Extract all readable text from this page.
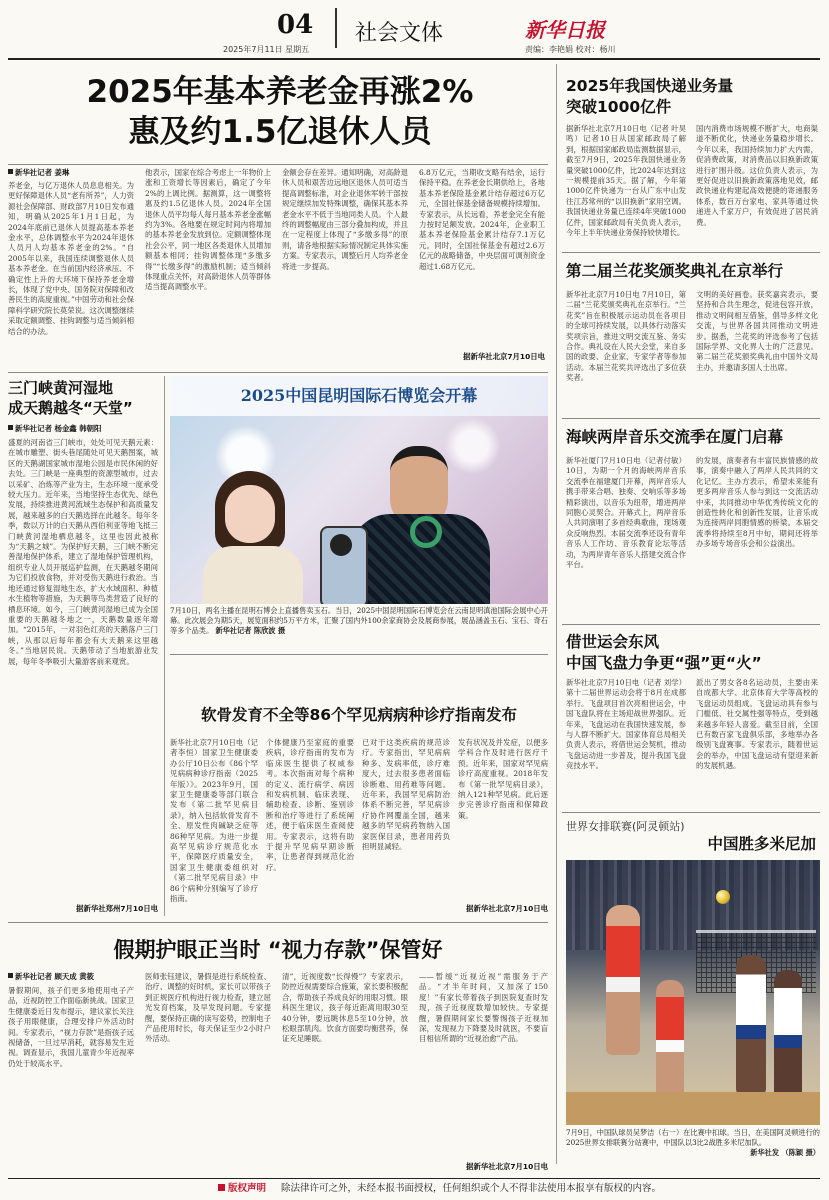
04 社会文体	新华日报
2025年7月11日 星期五	责编：李艳娟 校对：杨川
2025年基本养老金再涨2%
惠及约1.5亿退休人员
新华社记者 姜琳
养老金，与亿万退休人员息息相关。为更好保障退休人员“老有所养”，人力资源社会保障部、财政部7月10日发布通知，明确从2025年1月1日起，为2024年底前已退休人员提高基本养老金水平，总体调整水平为2024年退休人员月人均基本养老金的2%。“自2005年以来，我国连续调整退休人员基本养老金。在当前国内经济承压、不确定性上升的大环境下保持养老金增长，体现了党中央、国务院对保障和改善民生的高度重视。”中国劳动和社会保障科学研究院长莫荣说。这次调整继续采取定额调整、挂钩调整与适当倾斜相结合的办法。
他表示，国家在综合考虑上一年物价上涨和工资增长等因素后，确定了今年2%的上调比例。据测算，这一调整将惠及约1.5亿退休人员。2024年全国退休人员平均每人每月基本养老金涨幅约为3%。各地要在规定时间内将增加的基本养老金发放到位。定额调整体现社会公平，同一地区各类退休人员增加额基本相同；挂钩调整体现“多缴多得”“长缴多得”的激励机制；适当倾斜体现重点关怀，对高龄退休人员等群体适当提高调整水平。
金额会存在差异。通知明确，对高龄退休人员和艰苦边远地区退休人员可适当提高调整标准，对企业退休军转干部按规定继续加发特殊调整，确保其基本养老金水平不低于当地同类人员。个人最终的调整幅度由三部分叠加构成，并且在一定程度上体现了“多缴多得”的原则，请各地根据实际情况制定具体实施方案。专家表示，调整后月人均养老金将进一步提高。
6.8万亿元，当期收支略有结余，运行保持平稳。在养老金长期供给上，各地基本养老保险基金累计结存超过6万亿元，全国社保基金储备规模持续增加。专家表示，从长远看，养老金完全有能力按时足额发放。2024年，企业职工基本养老保险基金累计结存7.1万亿元。同时，全国社保基金有超过2.6万亿元的战略储备，中央层面可调剂资金超过1.68万亿元。
据新华社北京7月10日电
2025年我国快递业务量
突破1000亿件
据新华社北京7月10日电（记者 叶昊鸣）记者10日从国家邮政局了解到，根据国家邮政局监测数据显示，截至7月9日，2025年我国快递业务量突破1000亿件，比2024年达到这一规模提前35天。据了解，今年第1000亿件快递为一台从广东中山发往江苏常州的“以旧换新”家用空调。我国快递业务量已连续4年突破1000亿件，国家邮政局有关负责人表示，今年上半年快递业务保持较快增长。
国内消费市场规模不断扩大，电商渠道不断优化，快递业务量稳步增长。今年以来，我国持续加力扩大内需，促消费政策，对消费品以旧换新政策进行扩围升级。这位负责人表示，为更好促进以旧换新政策落地见效，邮政快递业构建起高效便捷的寄递服务体系，数百万台家电、家具等通过快递进入千家万户，有效促进了居民消费。
第二届兰花奖颁奖典礼在京举行
新华社北京7月10日电 7月10日，第二届“兰花奖颁奖典礼在京举行。“兰花奖”旨在积极展示运动员在各项目的全球可持续发展，以具体行动落实奖项宗旨，推进文明交流互鉴、务实合作。典礼设在人民大会堂，来自多国的政要、企业家、专家学者等参加活动。本届兰花奖共评选出了多位获奖者。
文明的美好画卷。获奖嘉宾表示，要坚持和合共生理念，促进包容开放，推动文明间相互借鉴，倡导多样文化交流，与世界各国共同推动文明进步。据悉，兰花奖的评选参考了包括国际学界、文化界人士的广泛意见。第二届兰花奖颁奖典礼由中国外文局主办，并邀请多国人士出席。
海峡两岸音乐交流季在厦门启幕
新华社厦门7月10日电（记者付敏）10日，为期一个月的海峡两岸音乐交流季在福建厦门开幕，两岸音乐人携手带来合唱、独奏、交响乐等多场精彩演出，以音乐为纽带，增进两岸同胞心灵契合。开幕式上，两岸音乐人共同演唱了多首经典歌曲，现场观众反响热烈。本届交流季还设有青年音乐人工作坊、音乐教育论坛等活动，为两岸青年音乐人搭建交流合作平台。
的发展，演奏者有丰富民族情感的故事，演奏中融入了两岸人民共同的文化记忆。主办方表示，希望未来能有更多两岸音乐人参与到这一交流活动中来，共同推动中华优秀传统文化的创造性转化和创新性发展，让音乐成为连接两岸同胞情感的桥梁。本届交流季将持续至8月中旬，期间还将举办多场专场音乐会和公益演出。
借世运会东风
中国飞盘力争更“强”更“火”
新华社北京7月10日电（记者 刘学）第十二届世界运动会将于8月在成都举行。飞盘项目首次亮相世运会，中国飞盘队将在主场迎战世界强队。近年来，飞盘运动在我国快速发展，参与人群不断扩大。国家体育总局相关负责人表示，将借世运会契机，推动飞盘运动进一步普及，提升我国飞盘竞技水平。
派出了男女各8名运动员，主要由来自成都大学、北京体育大学等高校的飞盘运动员组成。飞盘运动具有参与门槛低、社交属性强等特点，受到越来越多年轻人喜爱。截至目前，全国已有数百家飞盘俱乐部，多地举办各级别飞盘赛事。专家表示，随着世运会的举办，中国飞盘运动有望迎来新的发展机遇。
世界女排联赛(阿灵顿站)
中国胜多米尼加
7月9日，中国队球员吴梦洁（右一）在比赛中扣球。当日，在美国阿灵顿进行的2025世界女排联赛分站赛中，中国队以3比2战胜多米尼加队。
新华社发 （陈颖 摄）
三门峡黄河湿地
成天鹅越冬“天堂”
新华社记者 杨金鑫 韩朝阳
盛夏的河南省三门峡市，处处可见天鹅元素：在城市雕塑、街头巷尾随处可见天鹅图案，城区的天鹅湖国家城市湿地公园是市民休闲的好去处。三门峡是一座典型的资源型城市，过去以采矿、冶炼等产业为主，生态环境一度承受较大压力。近年来，当地坚持生态优先、绿色发展，持续推进黄河流域生态保护和高质量发展，越来越多的白天鹅选择在此越冬。每年冬季，数以万计的白天鹅从西伯利亚等地飞抵三门峡黄河湿地栖息越冬，这里也因此被称为“天鹅之城”。为保护好天鹅，三门峡不断完善湿地保护体系，建立了湿地保护管理机构，组织专业人员开展巡护监测，在天鹅越冬期间为它们投放食物，并对受伤天鹅进行救治。当地还通过修复湿地生态，扩大水域面积、种植水生植物等措施，为天鹅等鸟类营造了良好的栖息环境。如今，三门峡黄河湿地已成为全国重要的天鹅越冬地之一，天鹅数量逐年增加。“2015年，一对羽色红亮的天鹅落户三门峡，从那以后每年都会有大天鹅来这里越冬。”当地居民说。天鹅带动了当地旅游业发展，每年冬季吸引大量游客前来观赏。
据新华社郑州7月10日电
2025中国昆明国际石博览会开幕
7月10日，两名主播在昆明石博会上直播售卖玉石。当日，2025中国昆明国际石博览会在云南昆明滇池国际会展中心开幕。此次展会为期5天，展览面积约5万平方米，汇聚了国内外100余家商协会及展商参展，展品涵盖玉石、宝石、奇石等多个品类。 新华社记者 陈欣波 摄
软骨发育不全等86个罕见病病种诊疗指南发布
新华社北京7月10日电（记者李恒）国家卫生健康委办公厅10日公布《86个罕见病病种诊疗指南（2025年版）》。2023年9月，国家卫生健康委等部门联合发布《第二批罕见病目录》，纳入包括软骨发育不全、原发性肉碱缺乏症等86种罕见病。为进一步提高罕见病诊疗规范化水平，保障医疗质量安全，国家卫生健康委组织对《第二批罕见病目录》中86个病种分别编写了诊疗指南。
个体健康乃至家庭的重要疾病，诊疗指南的发布为临床医生提供了权威参考。本次指南对每个病种的定义、流行病学、病因和发病机制、临床表现、辅助检查、诊断、鉴别诊断和治疗等进行了系统阐述，便于临床医生查阅使用。专家表示，这将有助于提升罕见病早期诊断率，让患者得到规范化治疗。
已对于这类疾病的规范诊疗。专家指出，罕见病病种多、发病率低，诊疗难度大，过去很多患者面临诊断难、用药难等问题。近年来，我国罕见病防治体系不断完善，罕见病诊疗协作网覆盖全国，越来越多的罕见病药物纳入国家医保目录，患者用药负担明显减轻。
发有状况及并发症，以便多学科合作及时进行医疗干预。近年来，国家对罕见病诊疗高度重视。2018年发布《第一批罕见病目录》，纳入121种罕见病。此后逐步完善诊疗指南和保障政策。
据新华社北京7月10日电
假期护眼正当时 “视力存款”保管好
新华社记者 顾天成 黄筱
暑假期间，孩子们更多地使用电子产品，近视防控工作面临新挑战。国家卫生健康委近日发布提示，建议家长关注孩子用眼健康，合理安排户外活动时间。专家表示，“视力存款”是指孩子远视储备，一旦过早消耗，就容易发生近视。调查显示，我国儿童青少年近视率仍处于较高水平。
医师张钰建议，暑假是进行系统检查、治疗、调整的好时机，家长可以带孩子到正规医疗机构进行视力检查，建立屈光发育档案，及早发现问题。专家提醒，要保持正确的读写姿势，控制电子产品使用时长，每天保证至少2小时户外活动。
清”，近视度数“长得慢”？专家表示，防控近视需要综合施策，家长要积极配合，帮助孩子养成良好的用眼习惯。眼科医生建议，孩子每近距离用眼30至40分钟，要远眺休息5至10分钟，放松眼部肌肉。饮食方面要均衡营养，保证充足睡眠。
——暂缓“近视近视”需服务于产品。“才半年时间，又加深了150度！”有家长带着孩子到医院复查时发现，孩子近视度数增加较快。专家提醒，暑假期间家长要警惕孩子近视加深，发现视力下降要及时就医，不要盲目相信所谓的“近视治愈”产品。
据新华社北京7月10日电
版权声明 除法律许可之外，未经本报书面授权，任何组织或个人不得非法使用本报享有版权的内容。
